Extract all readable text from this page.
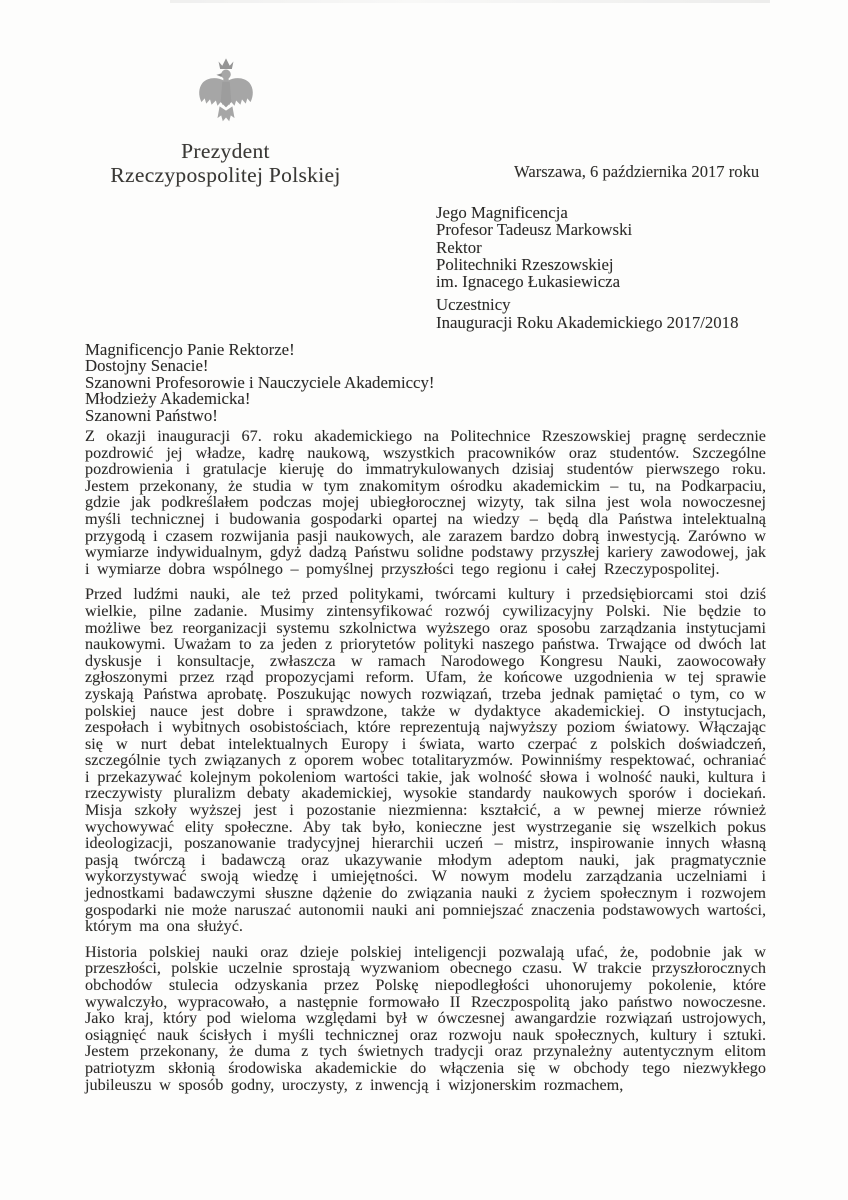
Prezydent
Rzeczypospolitej Polskiej	Warszawa, 6 października 2017 roku
Jego Magnificencja
Profesor Tadeusz Markowski
Rektor
Politechniki Rzeszowskiej
im. Ignacego Łukasiewicza
Uczestnicy
Inauguracji Roku Akademickiego 2017/2018
Magnificencjo Panie Rektorze!
Dostojny Senacie!
Szanowni Profesorowie i Nauczyciele Akademiccy!
Młodzieży Akademicka!
Szanowni Państwo!

Z okazji inauguracji 67. roku akademickiego na Politechnice Rzeszowskiej pragnę serdecznie pozdrowić jej władze, kadrę naukową, wszystkich pracowników oraz studentów. Szczególne pozdrowienia i gratulacje kieruję do immatrykulowanych dzisiaj studentów pierwszego roku. Jestem przekonany, że studia w tym znakomitym ośrodku akademickim – tu, na Podkarpaciu, gdzie jak podkreślałem podczas mojej ubiegłorocznej wizyty, tak silna jest wola nowoczesnej myśli technicznej i budowania gospodarki opartej na wiedzy – będą dla Państwa intelektualną przygodą i czasem rozwijania pasji naukowych, ale zarazem bardzo dobrą inwestycją. Zarówno w wymiarze indywidualnym, gdyż dadzą Państwu solidne podstawy przyszłej kariery zawodowej, jak i wymiarze dobra wspólnego – pomyślnej przyszłości tego regionu i całej Rzeczypospolitej.

Przed ludźmi nauki, ale też przed politykami, twórcami kultury i przedsiębiorcami stoi dziś wielkie, pilne zadanie. Musimy zintensyfikować rozwój cywilizacyjny Polski. Nie będzie to możliwe bez reorganizacji systemu szkolnictwa wyższego oraz sposobu zarządzania instytucjami naukowymi. Uważam to za jeden z priorytetów polityki naszego państwa. Trwające od dwóch lat dyskusje i konsultacje, zwłaszcza w ramach Narodowego Kongresu Nauki, zaowocowały zgłoszonymi przez rząd propozycjami reform. Ufam, że końcowe uzgodnienia w tej sprawie zyskają Państwa aprobatę. Poszukując nowych rozwiązań, trzeba jednak pamiętać o tym, co w polskiej nauce jest dobre i sprawdzone, także w dydaktyce akademickiej. O instytucjach, zespołach i wybitnych osobistościach, które reprezentują najwyższy poziom światowy. Włączając się w nurt debat intelektualnych Europy i świata, warto czerpać z polskich doświadczeń, szczególnie tych związanych z oporem wobec totalitaryzmów. Powinniśmy respektować, ochraniać i przekazywać kolejnym pokoleniom wartości takie, jak wolność słowa i wolność nauki, kultura i rzeczywisty pluralizm debaty akademickiej, wysokie standardy naukowych sporów i dociekań. Misja szkoły wyższej jest i pozostanie niezmienna: kształcić, a w pewnej mierze również wychowywać elity społeczne. Aby tak było, konieczne jest wystrzeganie się wszelkich pokus ideologizacji, poszanowanie tradycyjnej hierarchii uczeń – mistrz, inspirowanie innych własną pasją twórczą i badawczą oraz ukazywanie młodym adeptom nauki, jak pragmatycznie wykorzystywać swoją wiedzę i umiejętności. W nowym modelu zarządzania uczelniami i jednostkami badawczymi słuszne dążenie do związania nauki z życiem społecznym i rozwojem gospodarki nie może naruszać autonomii nauki ani pomniejszać znaczenia podstawowych wartości, którym ma ona służyć.

Historia polskiej nauki oraz dzieje polskiej inteligencji pozwalają ufać, że, podobnie jak w przeszłości, polskie uczelnie sprostają wyzwaniom obecnego czasu. W trakcie przyszłorocznych obchodów stulecia odzyskania przez Polskę niepodległości uhonorujemy pokolenie, które wywalczyło, wypracowało, a następnie formowało II Rzeczpospolitą jako państwo nowoczesne. Jako kraj, który pod wieloma względami był w ówczesnej awangardzie rozwiązań ustrojowych, osiągnięć nauk ścisłych i myśli technicznej oraz rozwoju nauk społecznych, kultury i sztuki. Jestem przekonany, że duma z tych świetnych tradycji oraz przynależny autentycznym elitom patriotyzm skłonią środowiska akademickie do włączenia się w obchody tego niezwykłego jubileuszu w sposób godny, uroczysty, z inwencją i wizjonerskim rozmachem,
